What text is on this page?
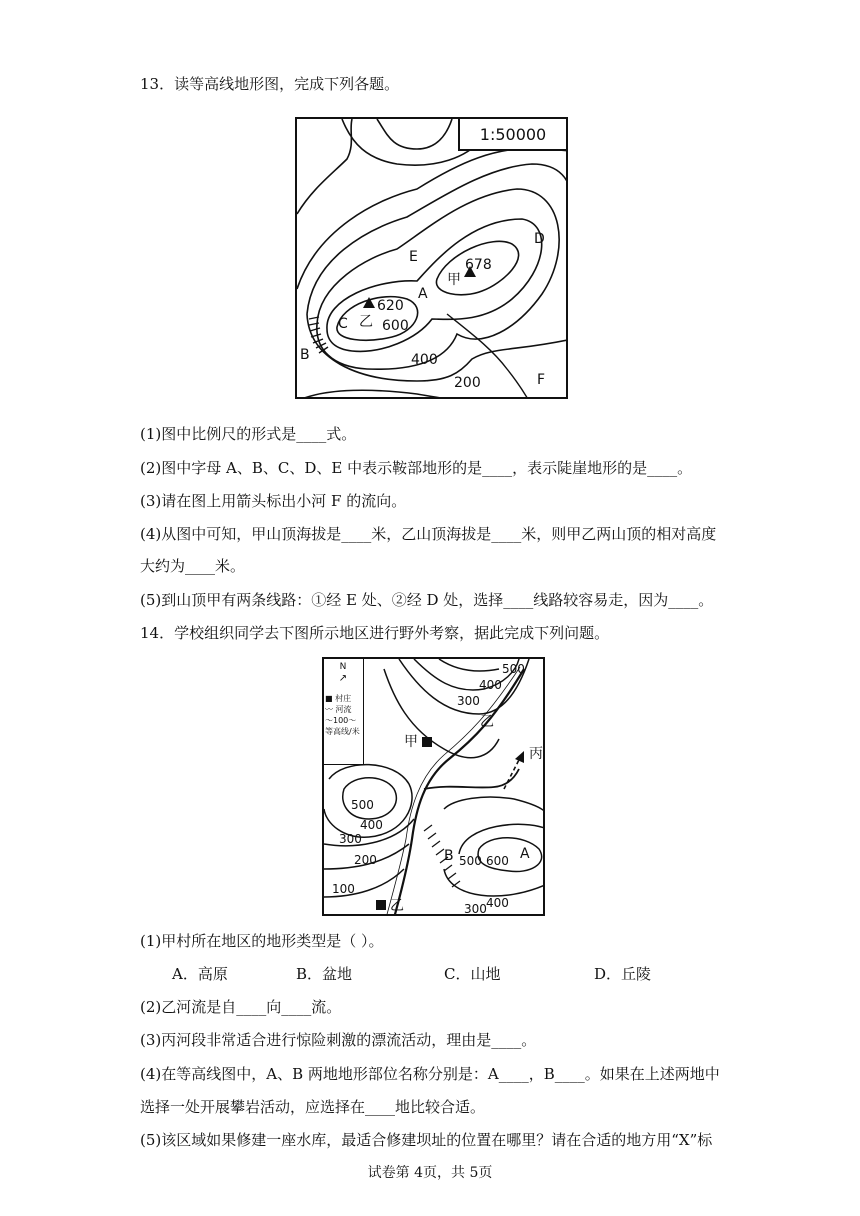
13．读等高线地形图，完成下列各题。
1:50000
D
E
甲
678
A
620
C 乙 600
B	400
200	F
(1)图中比例尺的形式是____式。
(2)图中字母 A、B、C、D、E 中表示鞍部地形的是____，表示陡崖地形的是____。
(3)请在图上用箭头标出小河 F 的流向。
(4)从图中可知，甲山顶海拔是____米，乙山顶海拔是____米，则甲乙两山顶的相对高度
大约为____米。
(5)到山顶甲有两条线路：①经 E 处、②经 D 处，选择____线路较容易走，因为____。
14．学校组织同学去下图所示地区进行野外考察，据此完成下列问题。
N
↗
■ 村庄
〰 河流
～100～
等高线/米
500
400
300
乙
丙
甲
500
400
300
200
100
B 500 600 A
300 400
乙
(1)甲村所在地区的地形类型是（ ）。
A．高原	B．盆地	C．山地	D．丘陵
(2)乙河流是自____向____流。
(3)丙河段非常适合进行惊险刺激的漂流活动，理由是____。
(4)在等高线图中，A、B 两地地形部位名称分别是：A____，B____。如果在上述两地中
选择一处开展攀岩活动，应选择在____地比较合适。
(5)该区域如果修建一座水库，最适合修建坝址的位置在哪里？请在合适的地方用“X”标
试卷第 4页，共 5页
